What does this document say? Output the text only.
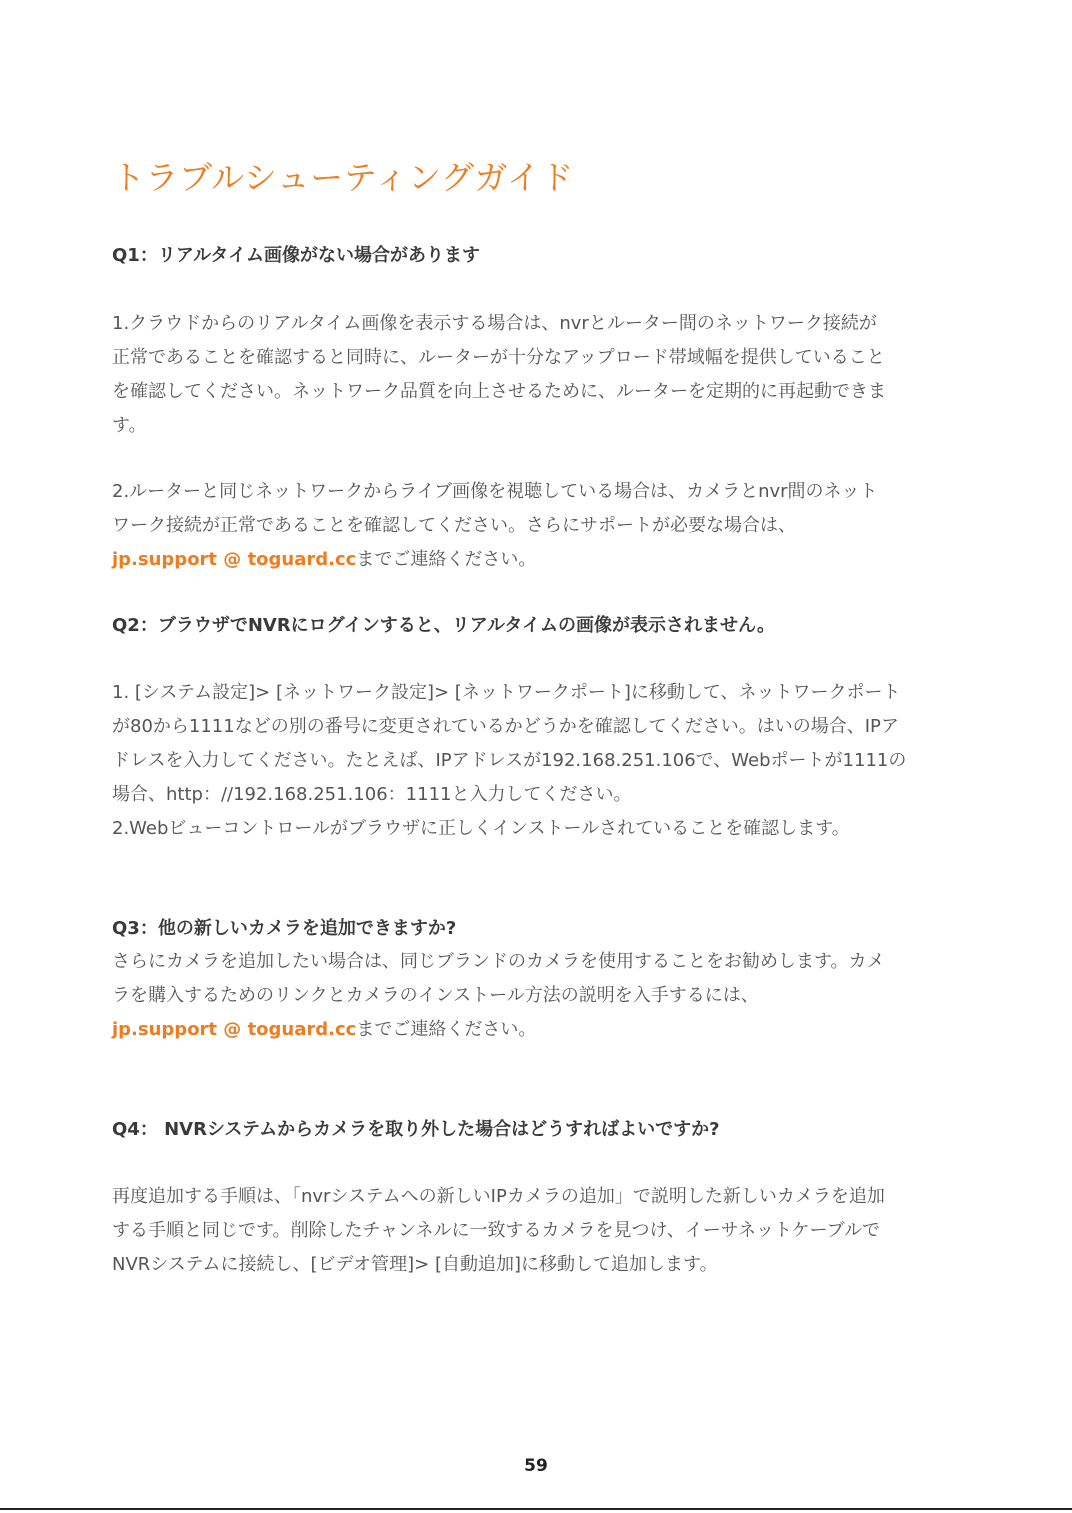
トラブルシューティングガイド
Q1：リアルタイム画像がない場合があります
1.クラウドからのリアルタイム画像を表示する場合は、nvrとルーター間のネットワーク接続が
正常であることを確認すると同時に、ルーターが十分なアップロード帯域幅を提供していること
を確認してください。ネットワーク品質を向上させるために、ルーターを定期的に再起動できま
す。
2.ルーターと同じネットワークからライブ画像を視聴している場合は、カメラとnvr間のネット
ワーク接続が正常であることを確認してください。さらにサポートが必要な場合は、
jp.support @ toguard.ccまでご連絡ください。
Q2：ブラウザでNVRにログインすると、リアルタイムの画像が表示されません。
1. [システム設定]> [ネットワーク設定]> [ネットワークポート]に移動して、ネットワークポート
が80から1111などの別の番号に変更されているかどうかを確認してください。はいの場合、IPア
ドレスを入力してください。たとえば、IPアドレスが192.168.251.106で、Webポートが1111の
場合、http：//192.168.251.106：1111と入力してください。
2.Webビューコントロールがブラウザに正しくインストールされていることを確認します。
Q3：他の新しいカメラを追加できますか?
さらにカメラを追加したい場合は、同じブランドのカメラを使用することをお勧めします。カメ
ラを購入するためのリンクとカメラのインストール方法の説明を入手するには、
jp.support @ toguard.ccまでご連絡ください。
Q4： NVRシステムからカメラを取り外した場合はどうすればよいですか?
再度追加する手順は、「nvrシステムへの新しいIPカメラの追加」で説明した新しいカメラを追加
する手順と同じです。削除したチャンネルに一致するカメラを見つけ、イーサネットケーブルで
NVRシステムに接続し、[ビデオ管理]> [自動追加]に移動して追加します。
59
